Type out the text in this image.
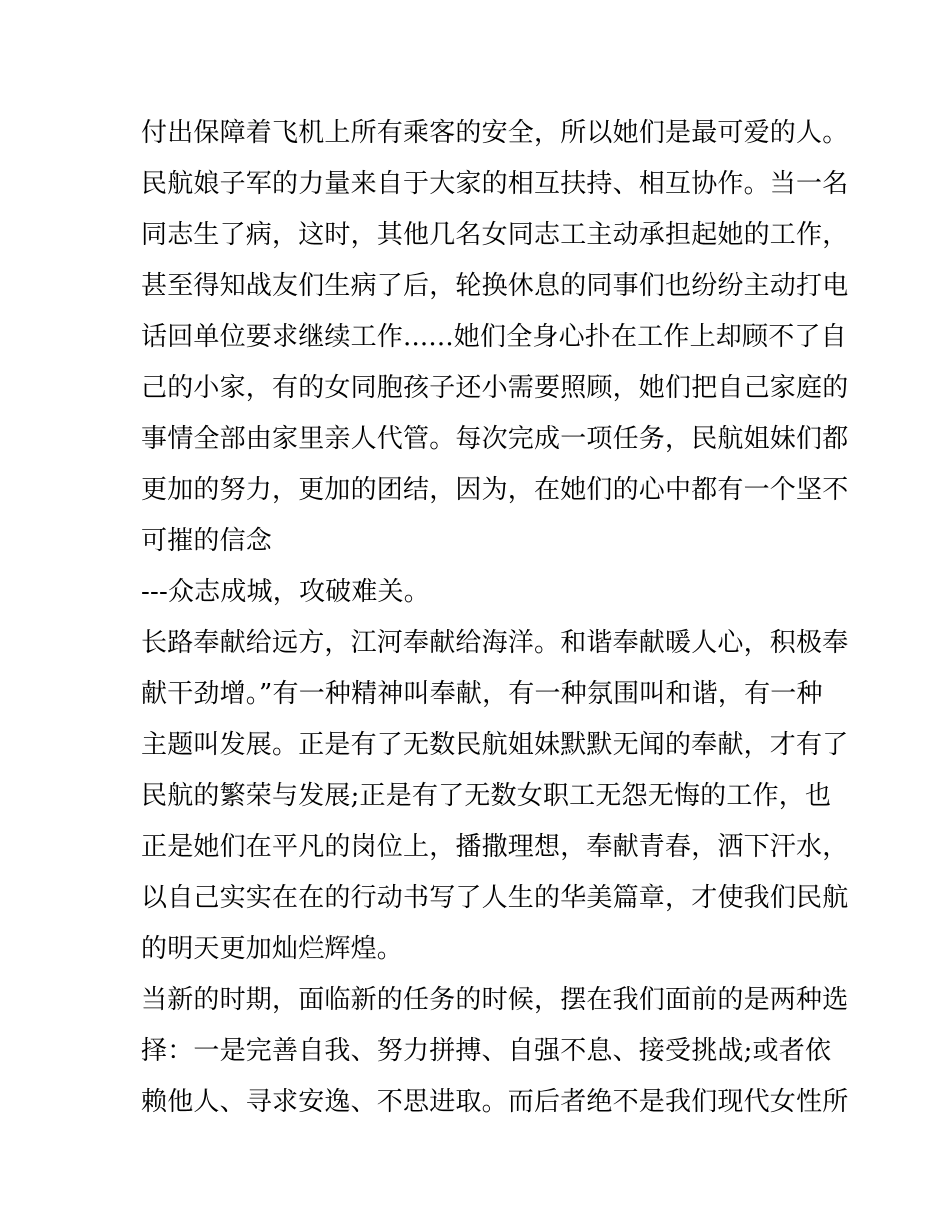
付出保障着飞机上所有乘客的安全，所以她们是最可爱的人。
民航娘子军的力量来自于大家的相互扶持、相互协作。当一名
同志生了病，这时，其他几名女同志工主动承担起她的工作，
甚至得知战友们生病了后，轮换休息的同事们也纷纷主动打电
话回单位要求继续工作......她们全身心扑在工作上却顾不了自
己的小家，有的女同胞孩子还小需要照顾，她们把自己家庭的
事情全部由家里亲人代管。每次完成一项任务，民航姐妹们都
更加的努力，更加的团结，因为，在她们的心中都有一个坚不
可摧的信念
---众志成城，攻破难关。
长路奉献给远方，江河奉献给海洋。和谐奉献暖人心，积极奉
献干劲增。”有一种精神叫奉献，有一种氛围叫和谐，有一种
主题叫发展。正是有了无数民航姐妹默默无闻的奉献，才有了
民航的繁荣与发展;正是有了无数女职工无怨无悔的工作，也
正是她们在平凡的岗位上，播撒理想，奉献青春，洒下汗水，
以自己实实在在的行动书写了人生的华美篇章，才使我们民航
的明天更加灿烂辉煌。
当新的时期，面临新的任务的时候，摆在我们面前的是两种选
择：一是完善自我、努力拼搏、自强不息、接受挑战;或者依
赖他人、寻求安逸、不思进取。而后者绝不是我们现代女性所
